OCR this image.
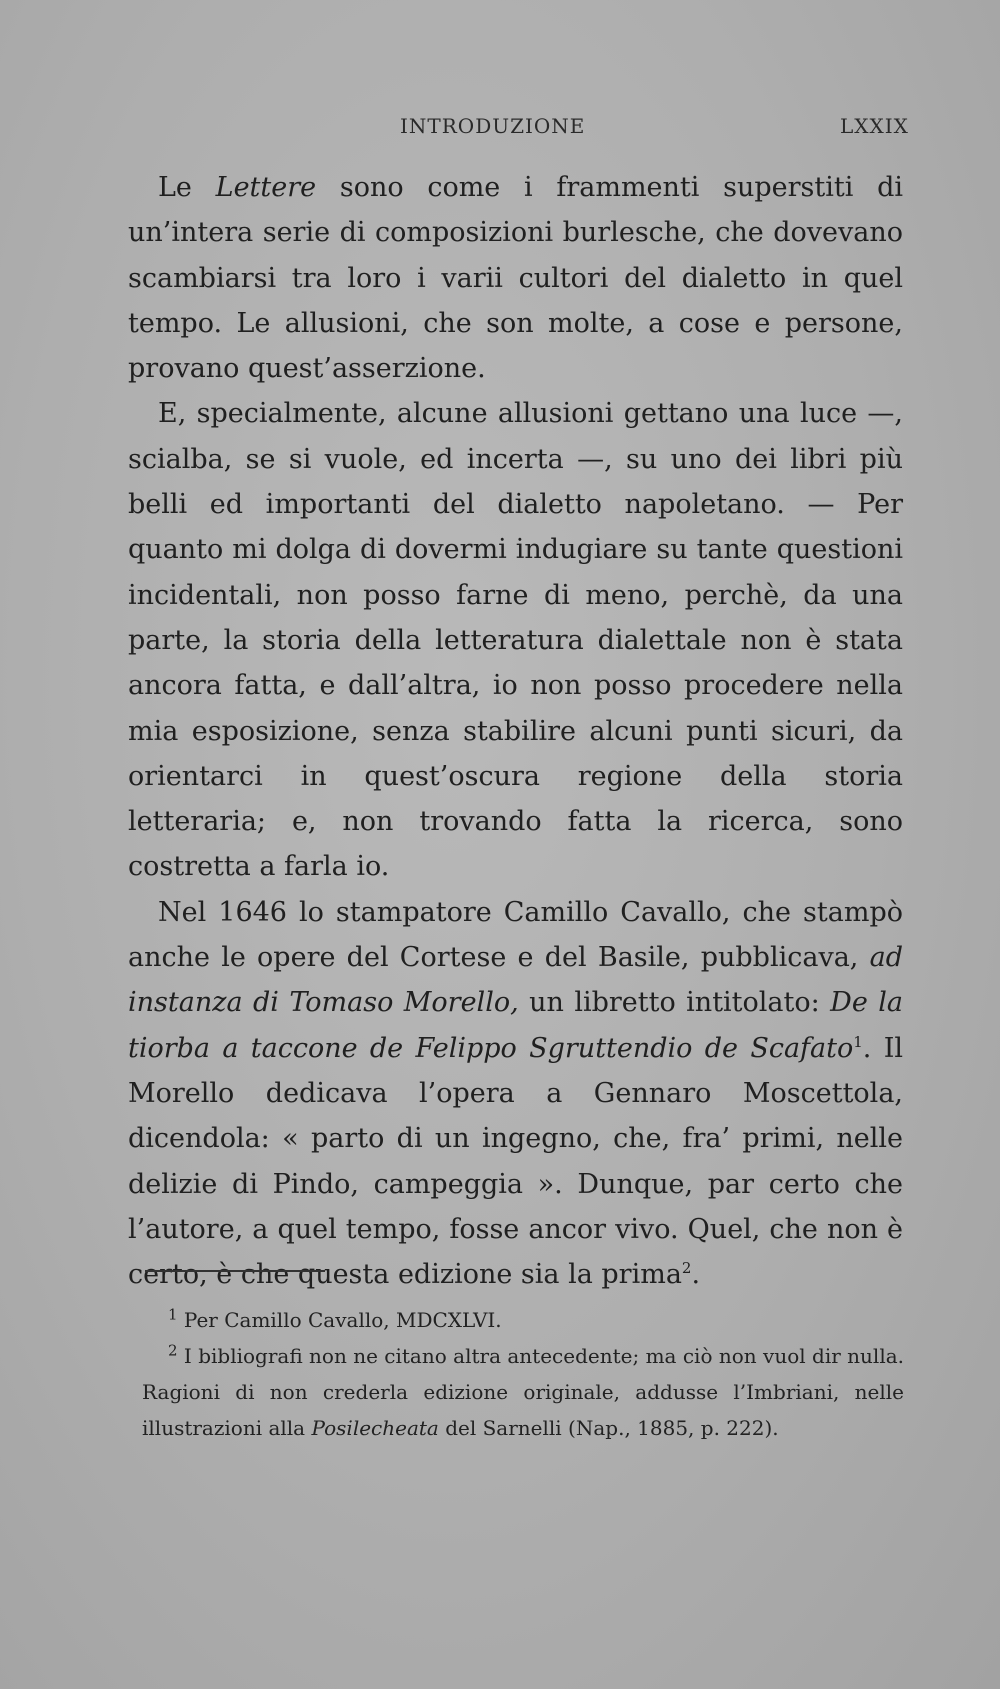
INTRODUZIONE	LXXIX

Le Lettere sono come i frammenti superstiti di un’intera serie di composizioni burlesche, che dovevano scambiarsi tra loro i varii cultori del dialetto in quel tempo. Le allusioni, che son molte, a cose e persone, provano quest’asserzione.

E, specialmente, alcune allusioni gettano una luce —, scialba, se si vuole, ed incerta —, su uno dei libri più belli ed importanti del dialetto napoletano. — Per quanto mi dolga di dovermi indugiare su tante questioni incidentali, non posso farne di meno, perchè, da una parte, la storia della letteratura dialettale non è stata ancora fatta, e dall’altra, io non posso procedere nella mia esposizione, senza stabilire alcuni punti sicuri, da orientarci in quest’oscura regione della storia letteraria; e, non trovando fatta la ricerca, sono costretta a farla io.

Nel 1646 lo stampatore Camillo Cavallo, che stampò anche le opere del Cortese e del Basile, pubblicava, ad instanza di Tomaso Morello, un libretto intitolato: De la tiorba a taccone de Felippo Sgruttendio de Scafato$^1$. Il Morello dedicava l’opera a Gennaro Moscettola, dicendola: « parto di un ingegno, che, fra’ primi, nelle delizie di Pindo, campeggia ». Dunque, par certo che l’autore, a quel tempo, fosse ancor vivo. Quel, che non è certo, è che questa edizione sia la prima$^2$.

$^1$ Per Camillo Cavallo, MDCXLVI.

$^2$ I bibliografi non ne citano altra antecedente; ma ciò non vuol dir nulla. Ragioni di non crederla edizione originale, addusse l’Imbriani, nelle illustrazioni alla Posilecheata del Sarnelli (Nap., 1885, p. 222).
